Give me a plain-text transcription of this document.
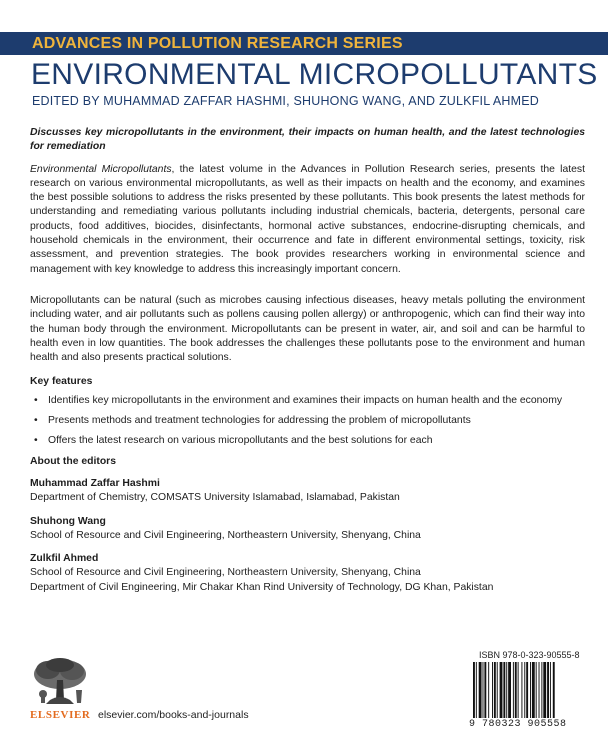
ADVANCES IN POLLUTION RESEARCH SERIES
ENVIRONMENTAL MICROPOLLUTANTS
EDITED BY MUHAMMAD ZAFFAR HASHMI, SHUHONG WANG, AND ZULKFIL AHMED

Discusses key micropollutants in the environment, their impacts on human health, and the latest technologies for remediation

Environmental Micropollutants, the latest volume in the Advances in Pollution Research series, presents the latest research on various environmental micropollutants, as well as their impacts on health and the economy, and examines the best possible solutions to address the risks presented by these pollutants. This book presents the latest methods for understanding and remediating various pollutants including industrial chemicals, bacteria, detergents, personal care products, food additives, biocides, disinfectants, hormonal active substances, endocrine-disrupting chemicals, and household chemicals in the environment, their occurrence and fate in different environmental settings, toxicity, risk assessment, and prevention strategies. The book provides researchers working in environmental science and management with key knowledge to address this increasingly important concern.

Micropollutants can be natural (such as microbes causing infectious diseases, heavy metals polluting the environment including water, and air pollutants such as pollens causing pollen allergy) or anthropogenic, which can find their way into the human body through the environment. Micropollutants can be present in water, air, and soil and can be harmful to health even in low quantities. The book addresses the challenges these pollutants pose to the environment and human health and also presents practical solutions.

Key features
• Identifies key micropollutants in the environment and examines their impacts on human health and the economy
• Presents methods and treatment technologies for addressing the problem of micropollutants
• Offers the latest research on various micropollutants and the best solutions for each
About the editors
Muhammad Zaffar Hashmi
Department of Chemistry, COMSATS University Islamabad, Islamabad, Pakistan
Shuhong Wang
School of Resource and Civil Engineering, Northeastern University, Shenyang, China
Zulkfil Ahmed
School of Resource and Civil Engineering, Northeastern University, Shenyang, China
Department of Civil Engineering, Mir Chakar Khan Rind University of Technology, DG Khan, Pakistan
ELSEVIER elsevier.com/books-and-journals
ISBN 978-0-323-90555-8
9 780323 905558
